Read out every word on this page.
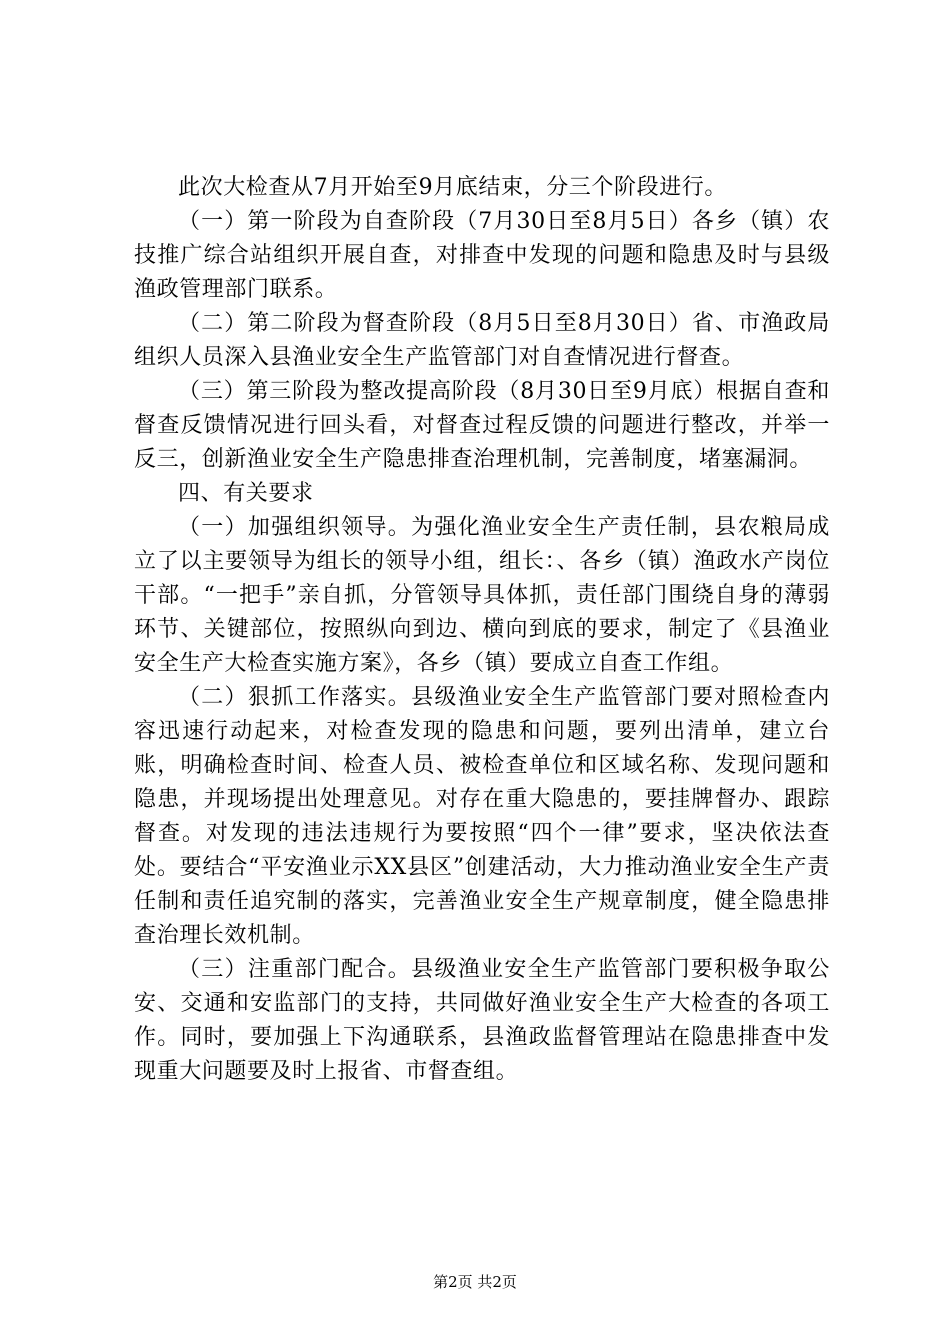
此次大检查从7月开始至9月底结束，分三个阶段进行。

（一）第一阶段为自查阶段（7月30日至8月5日）各乡（镇）农技推广综合站组织开展自查，对排查中发现的问题和隐患及时与县级渔政管理部门联系。

（二）第二阶段为督查阶段（8月5日至8月30日）省、市渔政局组织人员深入县渔业安全生产监管部门对自查情况进行督查。

（三）第三阶段为整改提高阶段（8月30日至9月底）根据自查和督查反馈情况进行回头看，对督查过程反馈的问题进行整改，并举一反三，创新渔业安全生产隐患排查治理机制，完善制度，堵塞漏洞。

四、有关要求

（一）加强组织领导。为强化渔业安全生产责任制，县农粮局成立了以主要领导为组长的领导小组，组长：、各乡（镇）渔政水产岗位干部。“一把手”亲自抓，分管领导具体抓，责任部门围绕自身的薄弱环节、关键部位，按照纵向到边、横向到底的要求，制定了《县渔业安全生产大检查实施方案》，各乡（镇）要成立自查工作组。

（二）狠抓工作落实。县级渔业安全生产监管部门要对照检查内容迅速行动起来，对检查发现的隐患和问题，要列出清单，建立台账，明确检查时间、检查人员、被检查单位和区域名称、发现问题和隐患，并现场提出处理意见。对存在重大隐患的，要挂牌督办、跟踪督查。对发现的违法违规行为要按照“四个一律”要求，坚决依法查处。要结合“平安渔业示XX县区”创建活动，大力推动渔业安全生产责任制和责任追究制的落实，完善渔业安全生产规章制度，健全隐患排查治理长效机制。

（三）注重部门配合。县级渔业安全生产监管部门要积极争取公安、交通和安监部门的支持，共同做好渔业安全生产大检查的各项工作。同时，要加强上下沟通联系，县渔政监督管理站在隐患排查中发现重大问题要及时上报省、市督查组。

第2页 共2页
